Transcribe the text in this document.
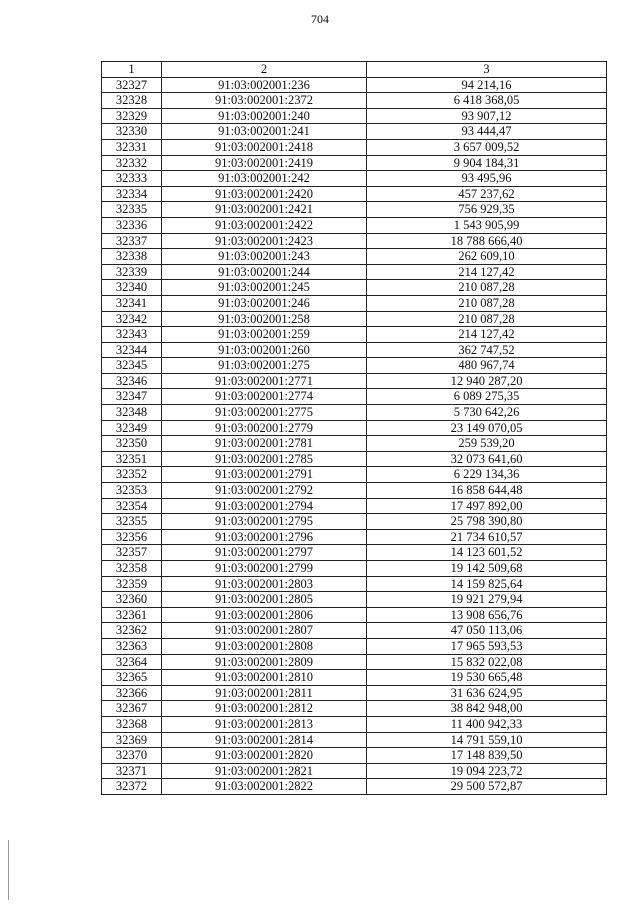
704
1	2	3
32327	91:03:002001:236	94 214,16
32328	91:03:002001:2372	6 418 368,05
32329	91:03:002001:240	93 907,12
32330	91:03:002001:241	93 444,47
32331	91:03:002001:2418	3 657 009,52
32332	91:03:002001:2419	9 904 184,31
32333	91:03:002001:242	93 495,96
32334	91:03:002001:2420	457 237,62
32335	91:03:002001:2421	756 929,35
32336	91:03:002001:2422	1 543 905,99
32337	91:03:002001:2423	18 788 666,40
32338	91:03:002001:243	262 609,10
32339	91:03:002001:244	214 127,42
32340	91:03:002001:245	210 087,28
32341	91:03:002001:246	210 087,28
32342	91:03:002001:258	210 087,28
32343	91:03:002001:259	214 127,42
32344	91:03:002001:260	362 747,52
32345	91:03:002001:275	480 967,74
32346	91:03:002001:2771	12 940 287,20
32347	91:03:002001:2774	6 089 275,35
32348	91:03:002001:2775	5 730 642,26
32349	91:03:002001:2779	23 149 070,05
32350	91:03:002001:2781	259 539,20
32351	91:03:002001:2785	32 073 641,60
32352	91:03:002001:2791	6 229 134,36
32353	91:03:002001:2792	16 858 644,48
32354	91:03:002001:2794	17 497 892,00
32355	91:03:002001:2795	25 798 390,80
32356	91:03:002001:2796	21 734 610,57
32357	91:03:002001:2797	14 123 601,52
32358	91:03:002001:2799	19 142 509,68
32359	91:03:002001:2803	14 159 825,64
32360	91:03:002001:2805	19 921 279,94
32361	91:03:002001:2806	13 908 656,76
32362	91:03:002001:2807	47 050 113,06
32363	91:03:002001:2808	17 965 593,53
32364	91:03:002001:2809	15 832 022,08
32365	91:03:002001:2810	19 530 665,48
32366	91:03:002001:2811	31 636 624,95
32367	91:03:002001:2812	38 842 948,00
32368	91:03:002001:2813	11 400 942,33
32369	91:03:002001:2814	14 791 559,10
32370	91:03:002001:2820	17 148 839,50
32371	91:03:002001:2821	19 094 223,72
32372	91:03:002001:2822	29 500 572,87
